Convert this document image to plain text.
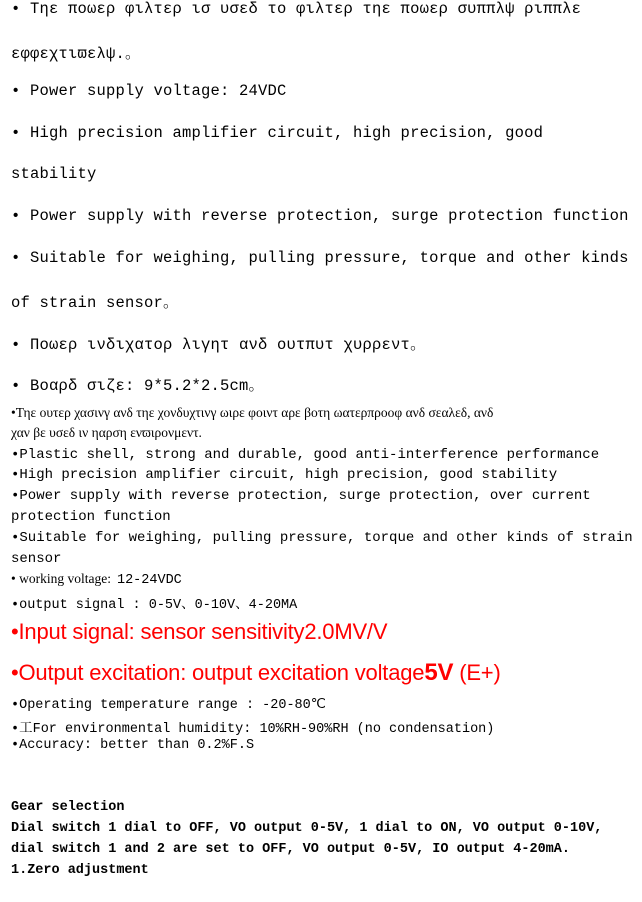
• Τηε ποωερ φιλτερ ισ υσεδ το φιλτερ τηε ποωερ συππλψ ριππλε

εφφεχτιϖελψ.。

• Power supply voltage: 24VDC

• High precision amplifier circuit, high precision, good

stability

• Power supply with reverse protection, surge protection function

• Suitable for weighing, pulling pressure, torque and other kinds

of strain sensor。

• Ποωερ ινδιχατορ λιγητ ανδ ουτπυτ χυρρεντ。

• Βοαρδ σιζε: 9*5.2*2.5cm。

•Τηε ουτερ χασινγ ανδ τηε χονδυχτινγ ωιρε φοιντ αρε βοτη ωατερπροοφ ανδ σεαλεδ, ανδ

χαν βε υσεδ ιν ηαρση ενϖιρονμεντ.

•Plastic shell, strong and durable, good anti-interference performance

•High precision amplifier circuit, high precision, good stability

•Power supply with reverse protection, surge protection, over current

protection function

•Suitable for weighing, pulling pressure, torque and other kinds of strain

sensor

• working voltage: 12-24VDC

•output signal : 0-5V、0-10V、4-20MA

•Input signal: sensor sensitivity2.0MV/V

•Output excitation: output excitation voltage5V (E+)

•Operating temperature range : -20-80℃

•工For environmental humidity: 10%RH-90%RH (no condensation)

•Accuracy: better than 0.2%F.S

Gear selection

Dial switch 1 dial to OFF, VO output 0-5V, 1 dial to ON, VO output 0-10V,

dial switch 1 and 2 are set to OFF, VO output 0-5V, IO output 4-20mA.

1.Zero adjustment
